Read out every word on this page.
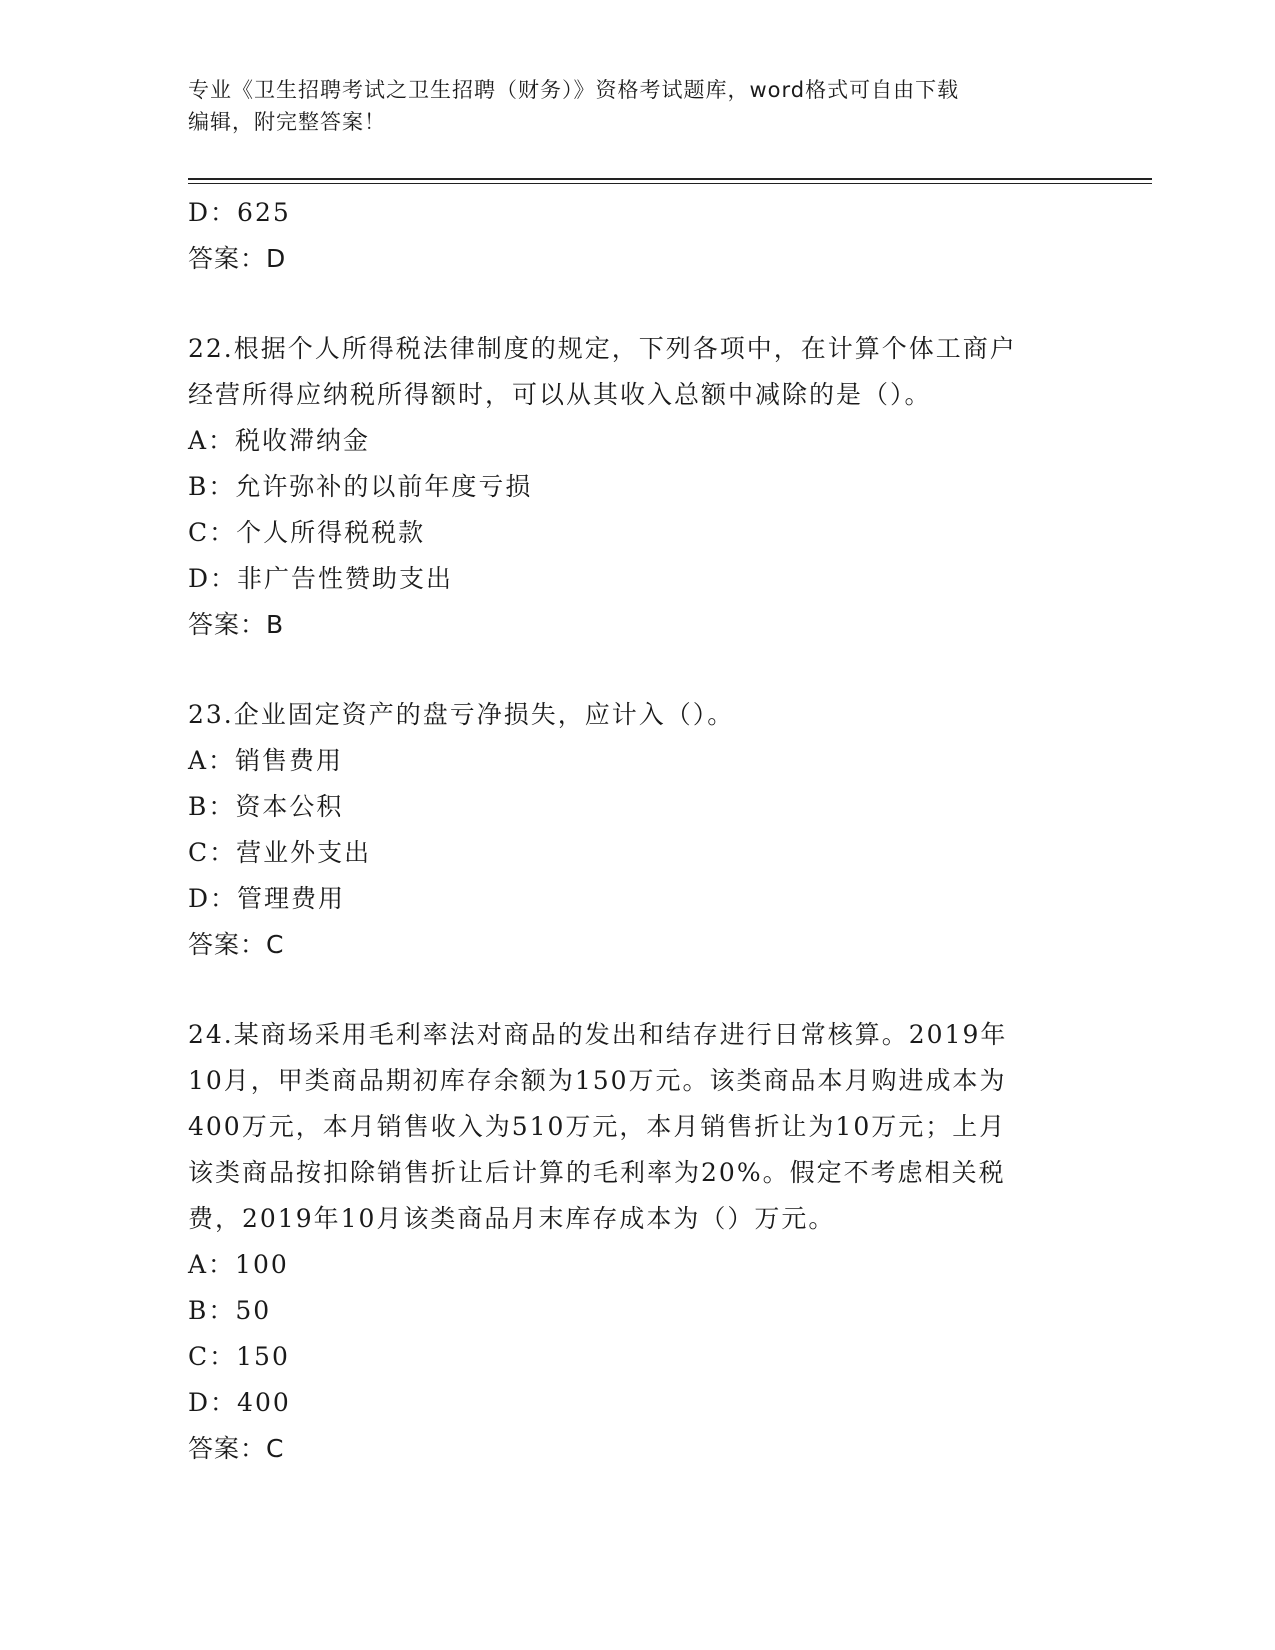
专业《卫生招聘考试之卫生招聘（财务）》资格考试题库，word格式可自由下载
编辑，附完整答案！
D：625
答案：D
22.根据个人所得税法律制度的规定，下列各项中，在计算个体工商户
经营所得应纳税所得额时，可以从其收入总额中减除的是（）。
A：税收滞纳金
B：允许弥补的以前年度亏损
C：个人所得税税款
D：非广告性赞助支出
答案：B
23.企业固定资产的盘亏净损失，应计入（）。
A：销售费用
B：资本公积
C：营业外支出
D：管理费用
答案：C
24.某商场采用毛利率法对商品的发出和结存进行日常核算。2019年
10月，甲类商品期初库存余额为150万元。该类商品本月购进成本为
400万元，本月销售收入为510万元，本月销售折让为10万元；上月
该类商品按扣除销售折让后计算的毛利率为20%。假定不考虑相关税
费，2019年10月该类商品月末库存成本为（）万元。
A：100
B：50
C：150
D：400
答案：C
